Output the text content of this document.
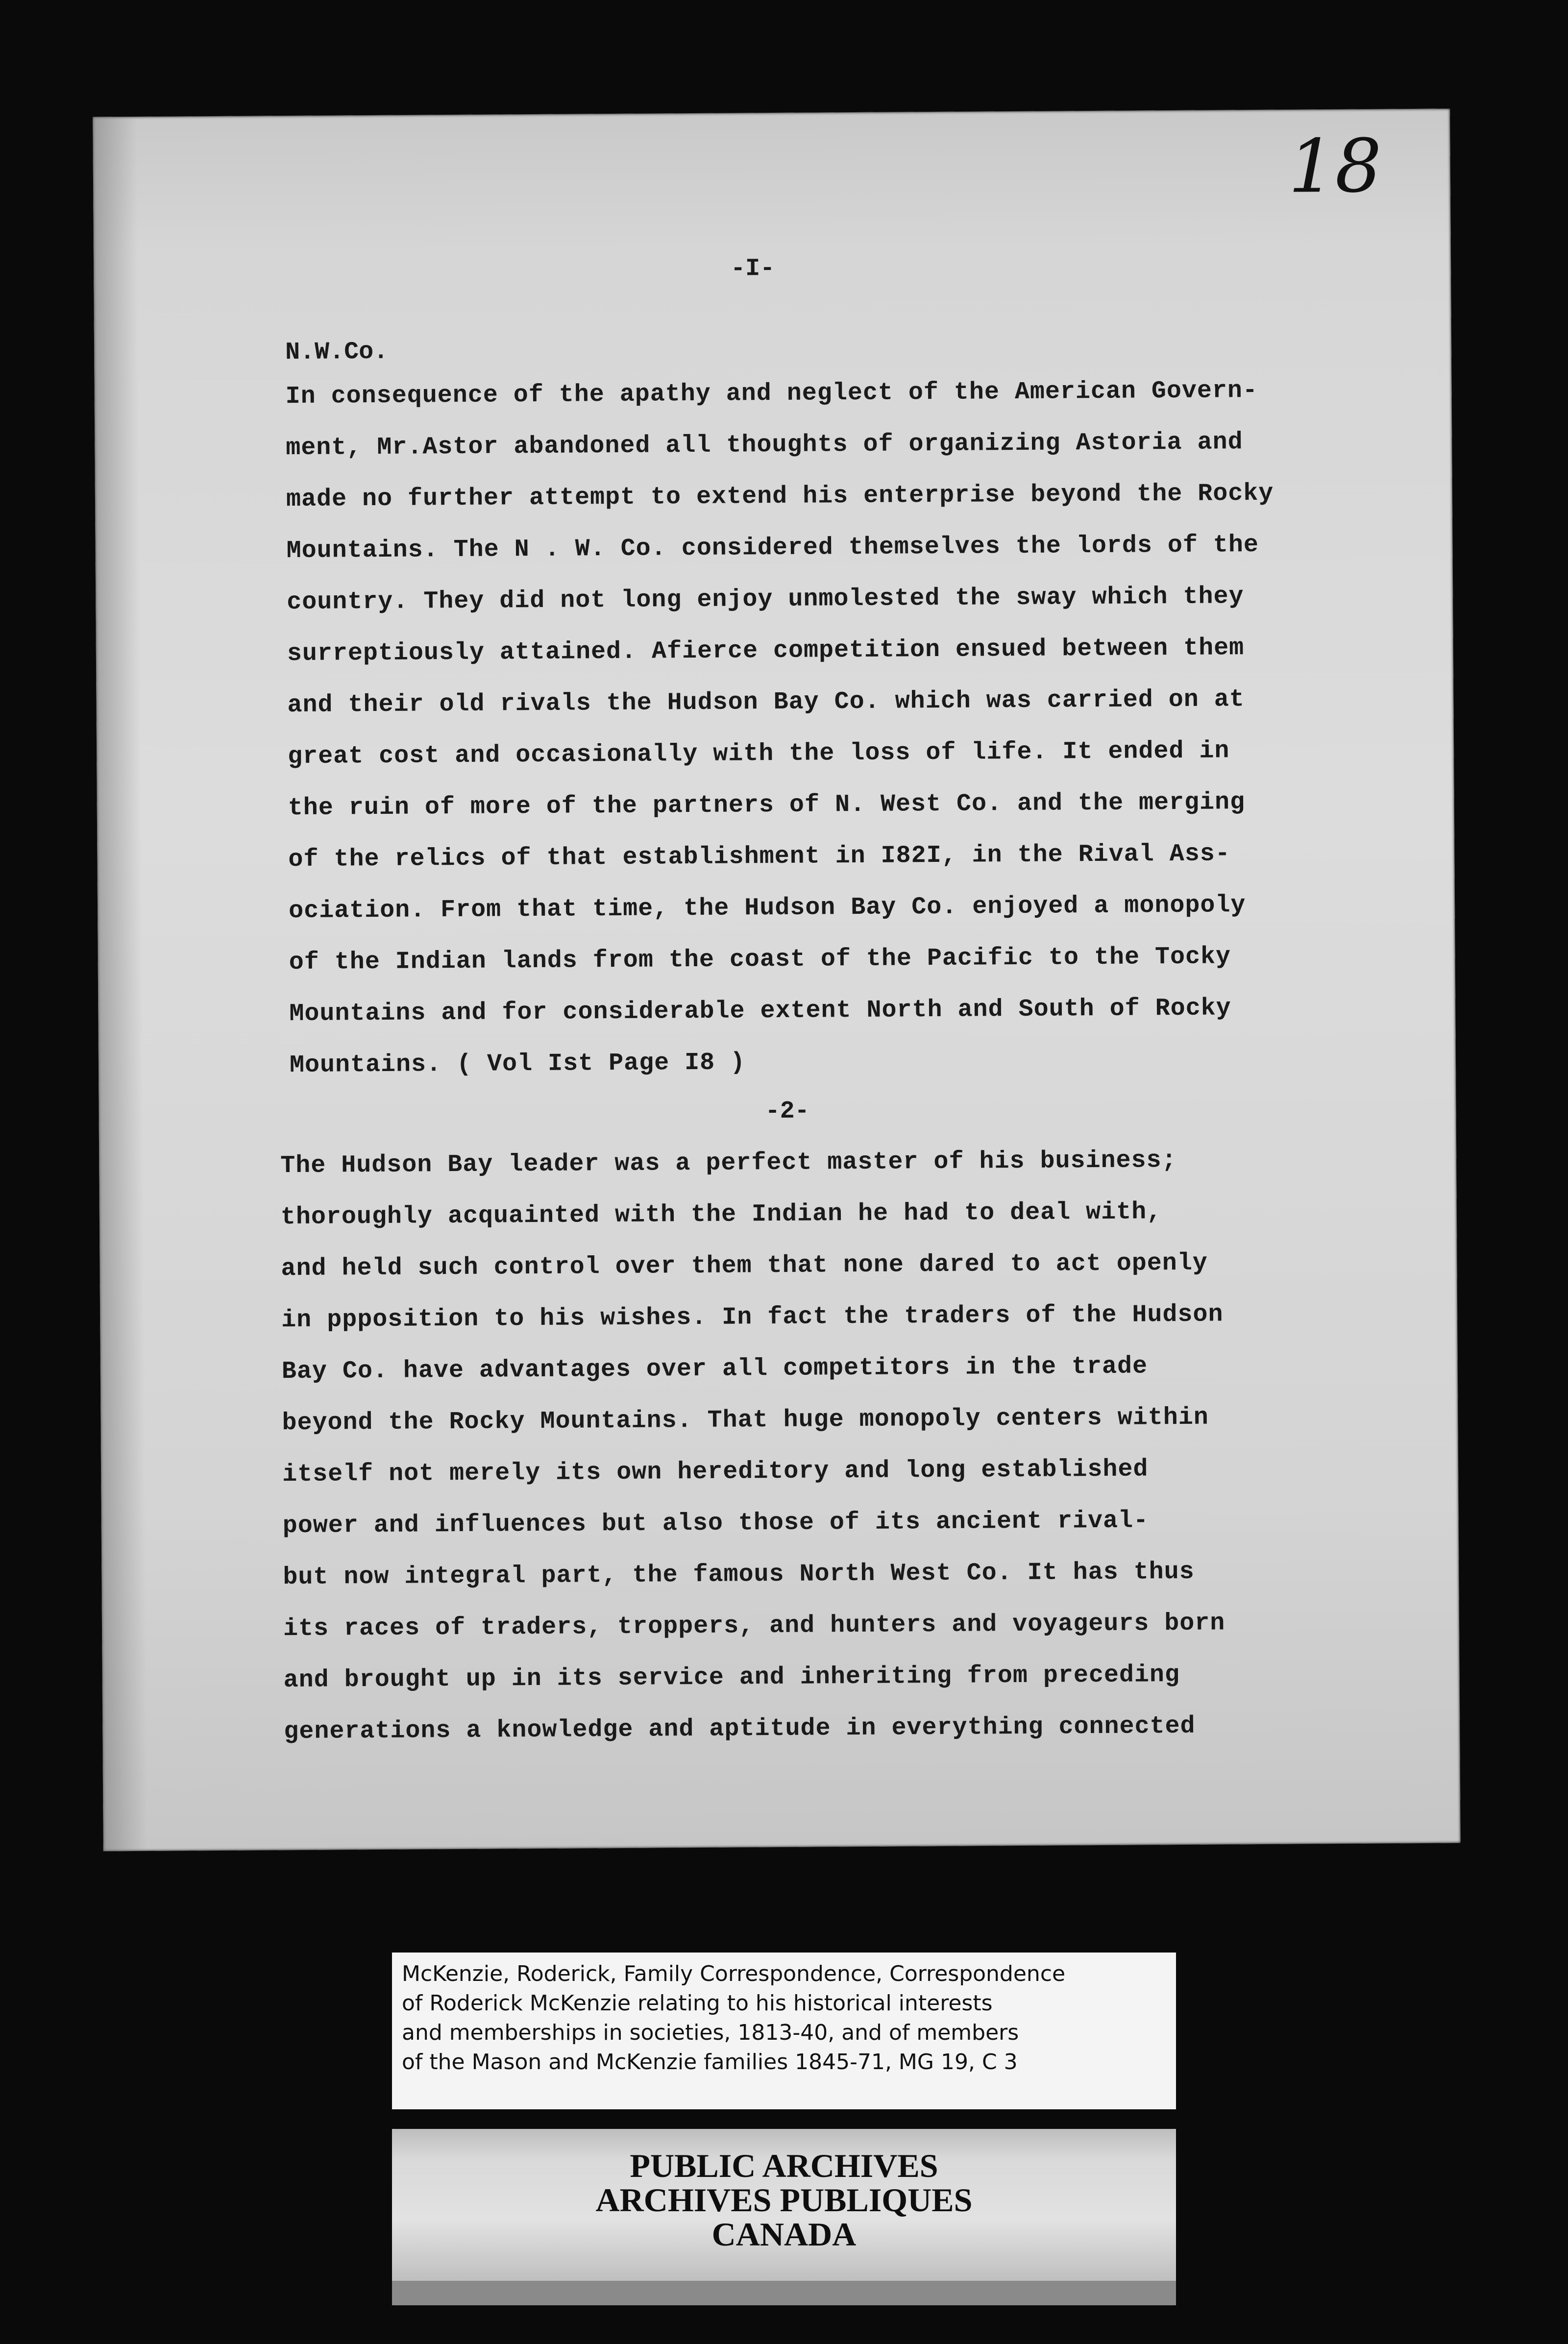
18
-I-
N.W.Co.
In consequence of the apathy and neglect of the American Govern-
ment, Mr.Astor abandoned all thoughts of organizing Astoria and
made no further attempt to extend his enterprise beyond the Rocky
Mountains. The N . W. Co. considered themselves the lords of the
country. They did not long enjoy unmolested the sway which they
surreptiously attained. Afierce competition ensued between them
and their old rivals the Hudson Bay Co. which was carried on at
great cost and occasionally with the loss of life. It ended in
the ruin of more of the partners of N. West Co. and the merging
of the relics of that establishment in I82I, in the Rival Ass-
ociation. From that time, the Hudson Bay Co. enjoyed a monopoly
of the Indian lands from the coast of the Pacific to the Tocky
Mountains and for considerable extent North and South of Rocky
Mountains. ( Vol Ist Page I8 )
-2-
The Hudson Bay leader was a perfect master of his business;
thoroughly acquainted with the Indian he had to deal with,
and held such control over them that none dared to act openly
in ppposition to his wishes. In fact the traders of the Hudson
Bay Co. have advantages over all competitors in the trade
beyond the Rocky Mountains. That huge monopoly centers within
itself not merely its own hereditory and long established
power and influences but also those of its ancient rival-
but now integral part, the famous North West Co. It has thus
its races of traders, troppers, and hunters and voyageurs born
and brought up in its service and inheriting from preceding
generations a knowledge and aptitude in everything connected
McKenzie, Roderick, Family Correspondence, Correspondence
of Roderick McKenzie relating to his historical interests
and memberships in societies, 1813-40, and of members
of the Mason and McKenzie families 1845-71, MG 19, C 3
PUBLIC ARCHIVES
ARCHIVES PUBLIQUES
CANADA
